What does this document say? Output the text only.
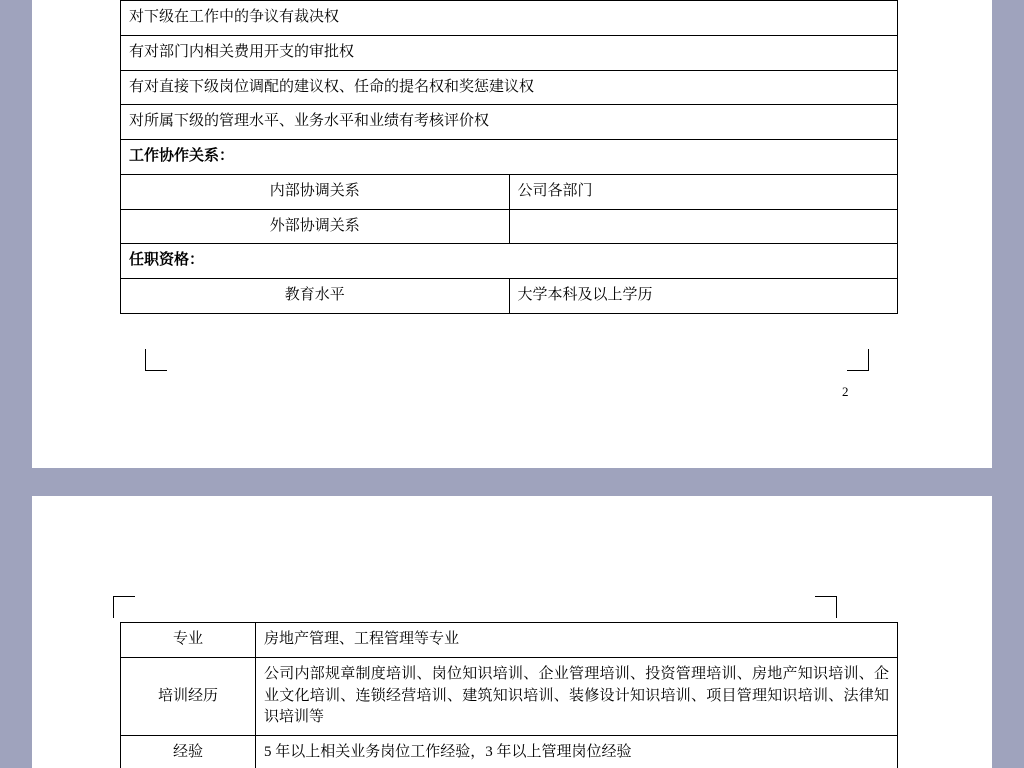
对下级在工作中的争议有裁决权	
有对部门内相关费用开支的审批权	
有对直接下级岗位调配的建议权、任命的提名权和奖惩建议权	
对所属下级的管理水平、业务水平和业绩有考核评价权	
工作协作关系：	
内部协调关系	公司各部门
外部协调关系	
任职资格：	
教育水平	大学本科及以上学历
2
专业	房地产管理、工程管理等专业
培训经历	公司内部规章制度培训、岗位知识培训、企业管理培训、投资管理培训、房地产知识培训、企业文化培训、连锁经营培训、建筑知识培训、装修设计知识培训、项目管理知识培训、法律知识培训等
经验	5 年以上相关业务岗位工作经验，3 年以上管理岗位经验
